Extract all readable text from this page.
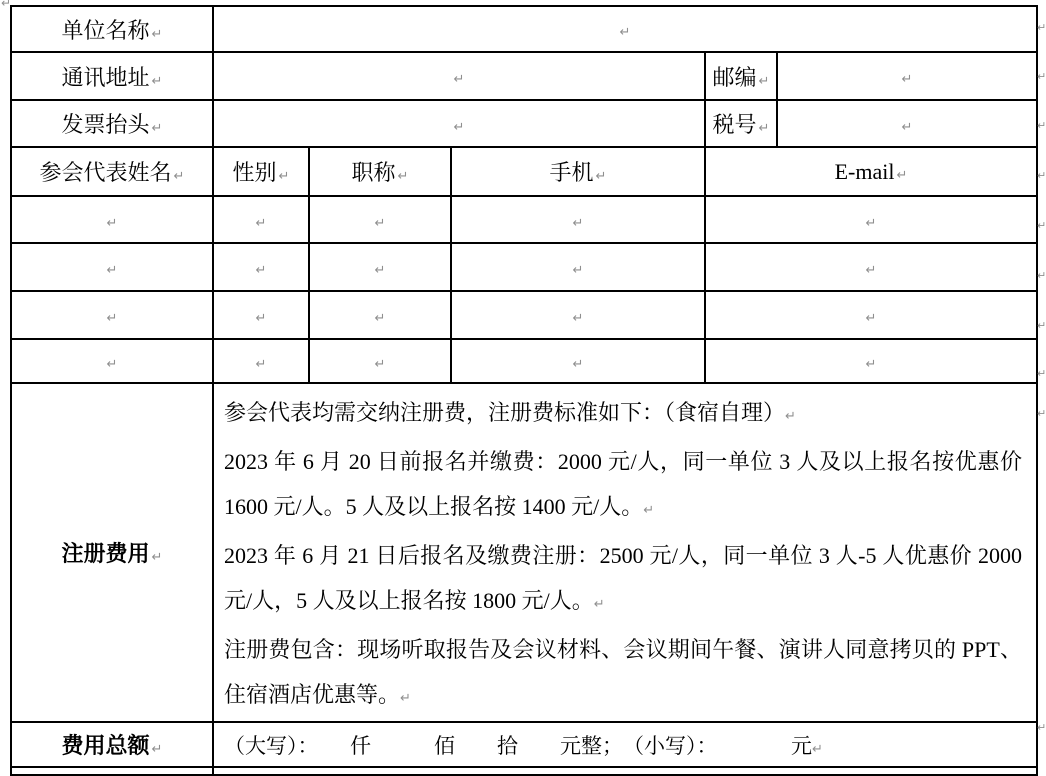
↵
单位名称 ↵	↵				
通讯地址 ↵	↵			邮编 ↵	↵
发票抬头 ↵	↵			税号 ↵	↵
参会代表姓名 ↵	性别 ↵	职称 ↵	手机 ↵	E-mail ↵	
↵	↵	↵	↵	↵	
↵	↵	↵	↵	↵	
↵	↵	↵	↵	↵	
↵	↵	↵	↵	↵	
注册费用 ↵	参会代表均需交纳注册费，注册费标准如下：（食宿自理）↵

2023 年 6 月 20 日前报名并缴费：2000 元/人，同一单位 3 人及以上报名按优惠价 1600 元/人。5 人及以上报名按 1400 元/人。↵

2023 年 6 月 21 日后报名及缴费注册：2500 元/人，同一单位 3 人-5 人优惠价 2000 元/人，5 人及以上报名按 1800 元/人。↵

注册费包含：现场听取报告及会议材料、会议期间午餐、演讲人同意拷贝的 PPT、住宿酒店优惠等。↵				

费用总额 ↵	（大写）：　　仟　　　佰　　拾　　元整；　（小写）：　　　　元↵				

↵
↵
↵
↵
↵
↵
↵
↵
↵
↵
